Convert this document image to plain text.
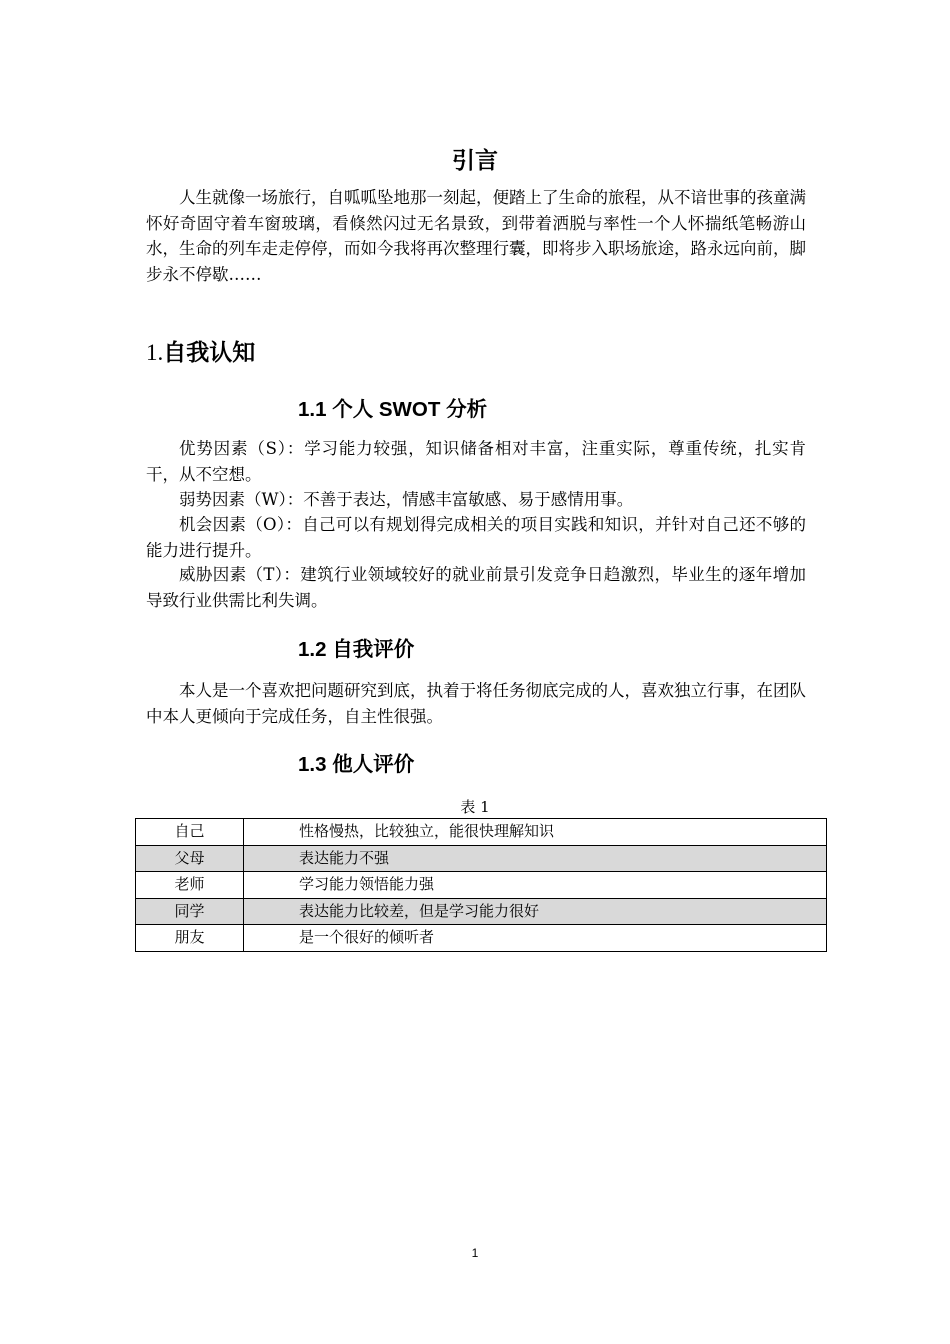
引言

人生就像一场旅行，自呱呱坠地那一刻起，便踏上了生命的旅程，从不谙世事的孩童满怀好奇固守着车窗玻璃，看倏然闪过无名景致，到带着洒脱与率性一个人怀揣纸笔畅游山水，生命的列车走走停停，而如今我将再次整理行囊，即将步入职场旅途，路永远向前，脚步永不停歇……

1.自我认知
1.1 个人 SWOT 分析

优势因素（S）：学习能力较强，知识储备相对丰富，注重实际，尊重传统，扎实肯干，从不空想。

弱势因素（W）：不善于表达，情感丰富敏感、易于感情用事。

机会因素（O）：自己可以有规划得完成相关的项目实践和知识，并针对自己还不够的能力进行提升。

威胁因素（T）：建筑行业领域较好的就业前景引发竞争日趋激烈，毕业生的逐年增加导致行业供需比利失调。

1.2 自我评价

本人是一个喜欢把问题研究到底，执着于将任务彻底完成的人，喜欢独立行事，在团队中本人更倾向于完成任务，自主性很强。

1.3 他人评价

表 1

自己	性格慢热，比较独立，能很快理解知识
父母	表达能力不强
老师	学习能力领悟能力强
同学	表达能力比较差，但是学习能力很好
朋友	是一个很好的倾听者

1
